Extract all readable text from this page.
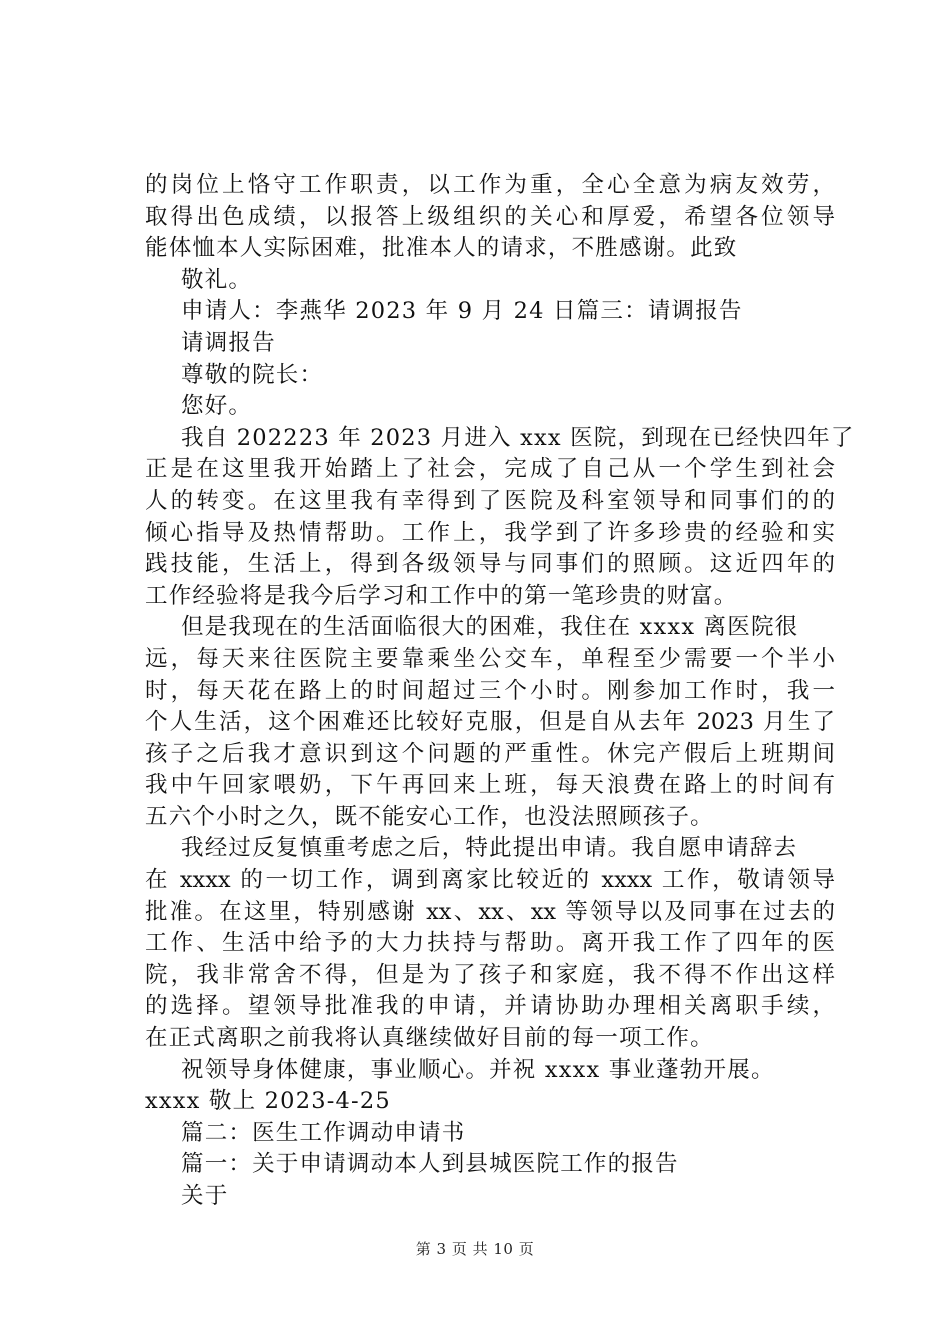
的岗位上恪守工作职责，以工作为重，全心全意为病友效劳，
取得出色成绩，以报答上级组织的关心和厚爱，希望各位领导
能体恤本人实际困难，批准本人的请求，不胜感谢。此致
敬礼。
申请人：李燕华 2023 年 9 月 24 日篇三：请调报告
请调报告
尊敬的院长：
您好。
我自 202223 年 2023 月进入 xxx 医院，到现在已经快四年了
正是在这里我开始踏上了社会，完成了自己从一个学生到社会
人的转变。在这里我有幸得到了医院及科室领导和同事们的的
倾心指导及热情帮助。工作上，我学到了许多珍贵的经验和实
践技能，生活上，得到各级领导与同事们的照顾。这近四年的
工作经验将是我今后学习和工作中的第一笔珍贵的财富。
但是我现在的生活面临很大的困难，我住在 xxxx 离医院很
远，每天来往医院主要靠乘坐公交车，单程至少需要一个半小
时，每天花在路上的时间超过三个小时。刚参加工作时，我一
个人生活，这个困难还比较好克服，但是自从去年 2023 月生了
孩子之后我才意识到这个问题的严重性。休完产假后上班期间
我中午回家喂奶，下午再回来上班，每天浪费在路上的时间有
五六个小时之久，既不能安心工作，也没法照顾孩子。
我经过反复慎重考虑之后，特此提出申请。我自愿申请辞去
在 xxxx 的一切工作，调到离家比较近的 xxxx 工作，敬请领导
批准。在这里，特别感谢 xx、xx、xx 等领导以及同事在过去的
工作、生活中给予的大力扶持与帮助。离开我工作了四年的医
院，我非常舍不得，但是为了孩子和家庭，我不得不作出这样
的选择。望领导批准我的申请，并请协助办理相关离职手续，
在正式离职之前我将认真继续做好目前的每一项工作。
祝领导身体健康，事业顺心。并祝 xxxx 事业蓬勃开展。
xxxx 敬上 2023-4-25
篇二：医生工作调动申请书
篇一：关于申请调动本人到县城医院工作的报告
关于
第 3 页 共 10 页
